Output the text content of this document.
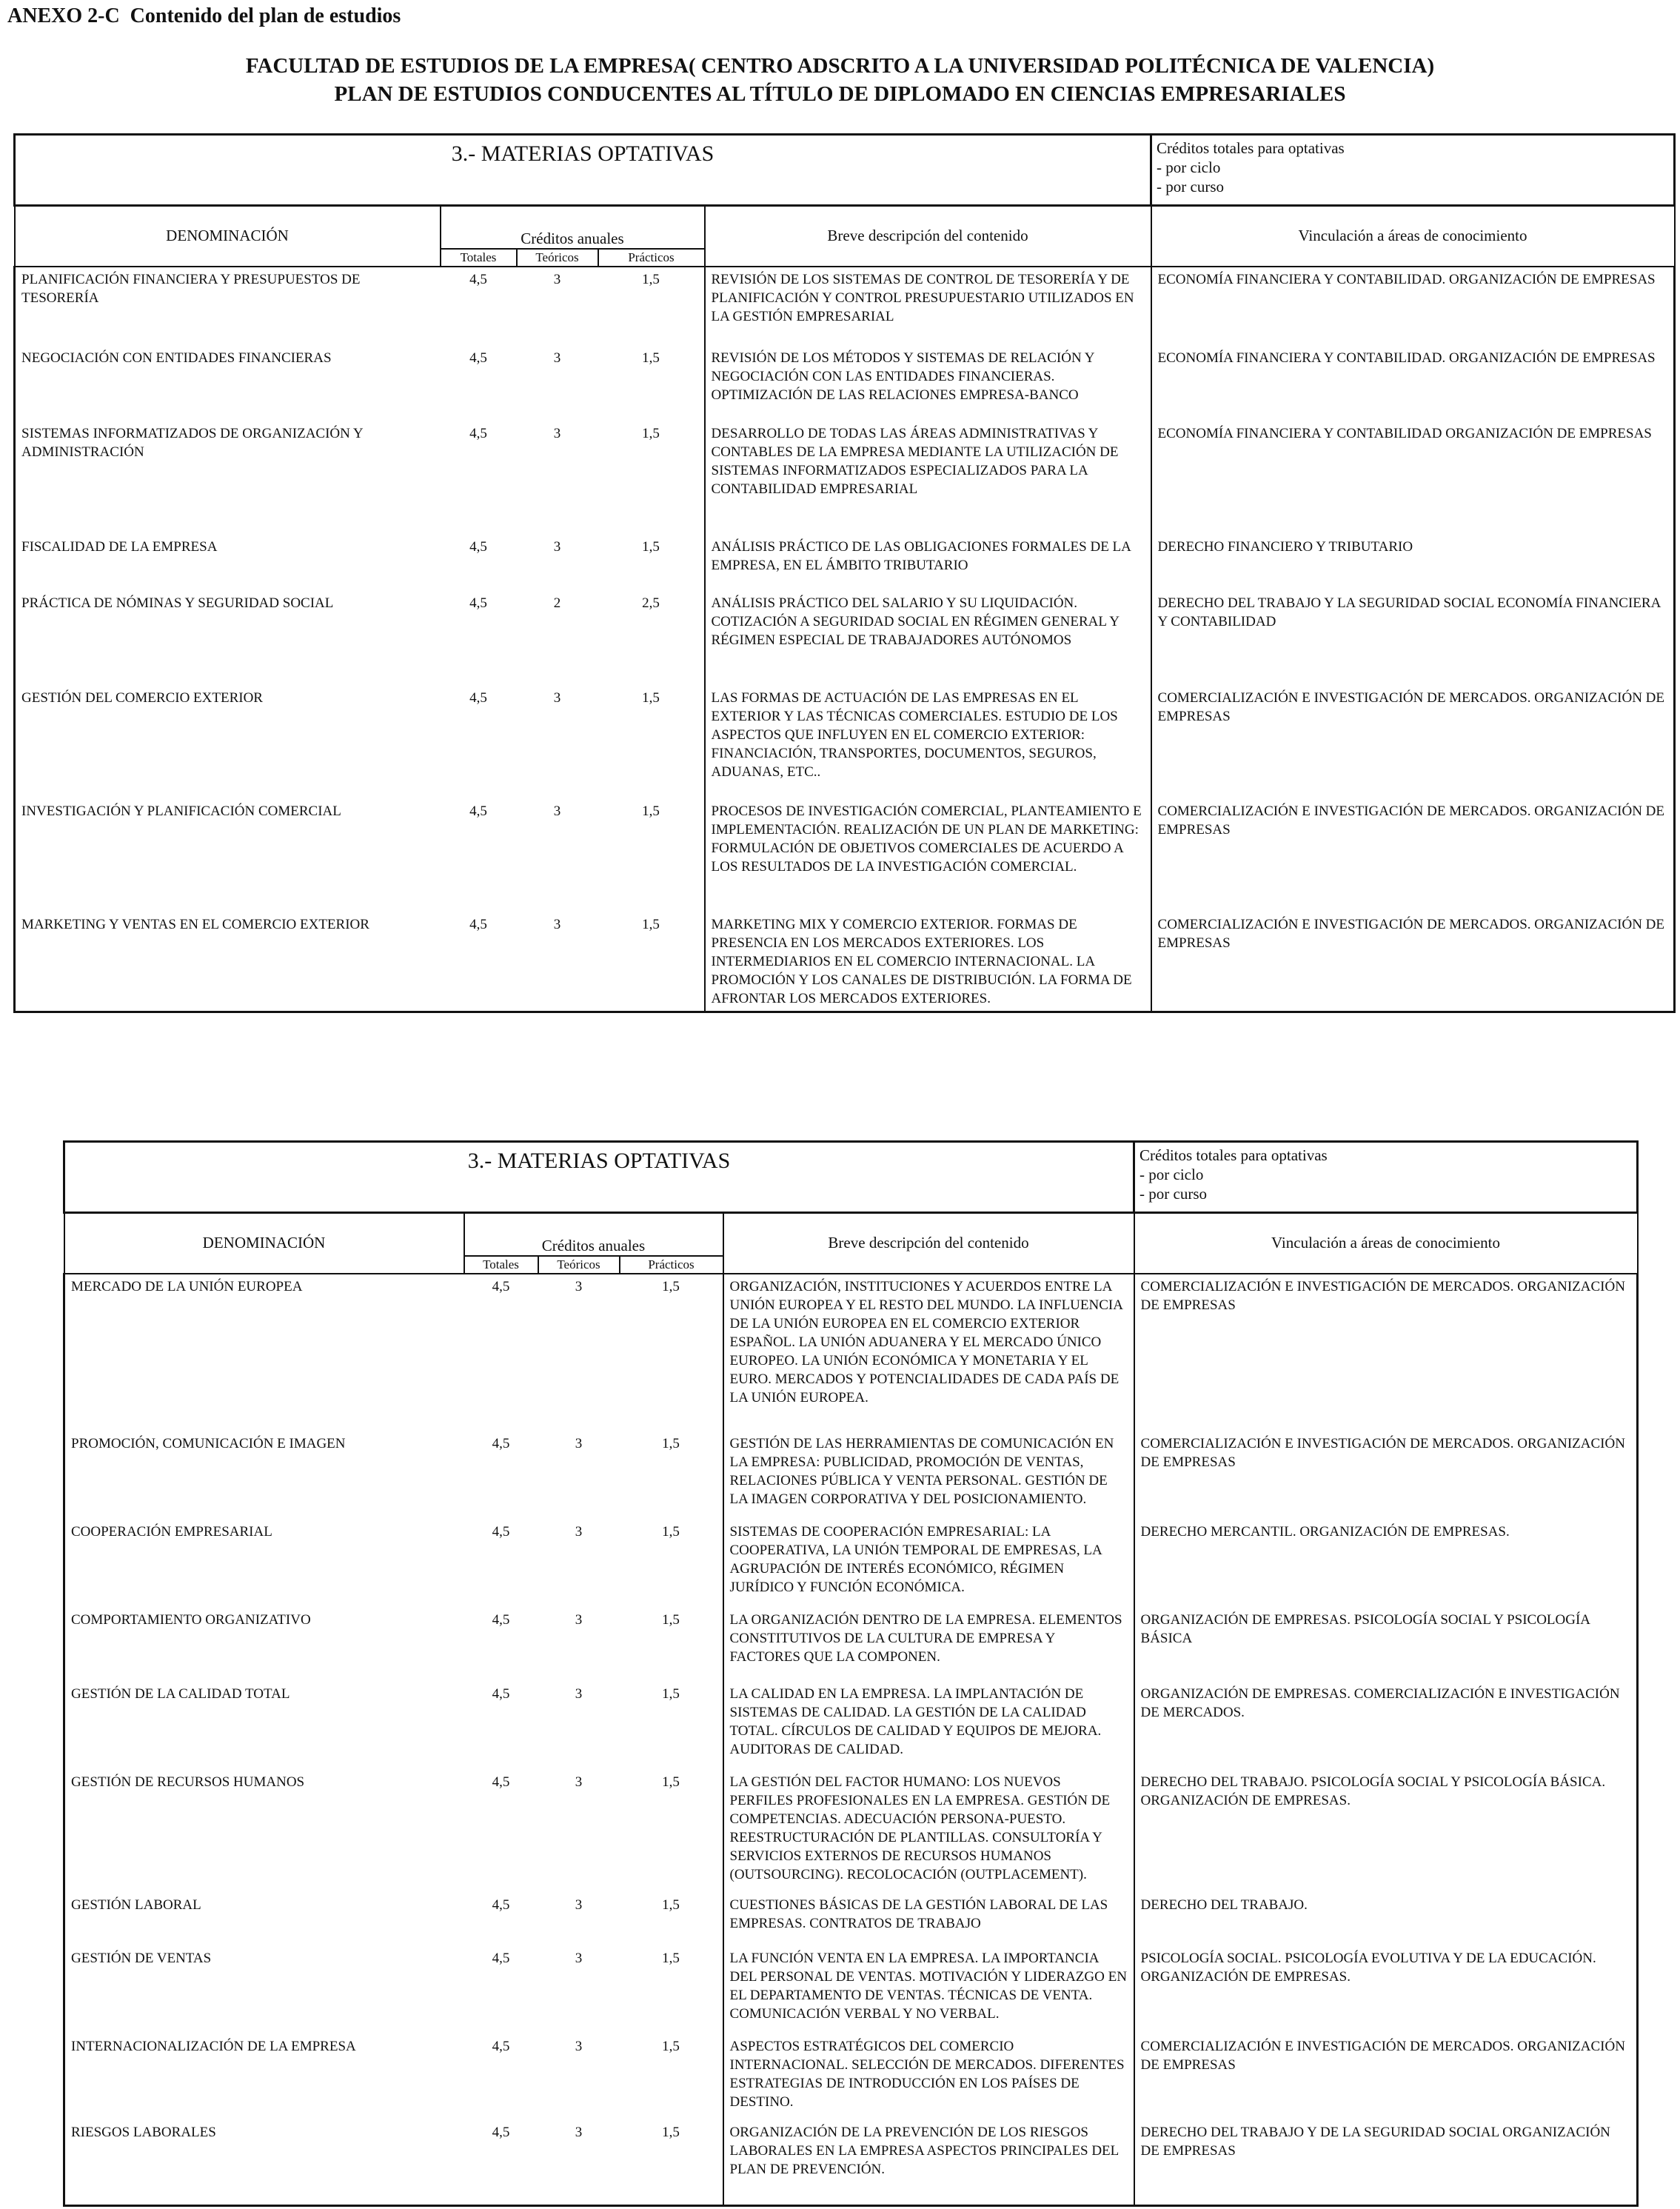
ANEXO 2-C Contenido del plan de estudios
FACULTAD DE ESTUDIOS DE LA EMPRESA( CENTRO ADSCRITO A LA UNIVERSIDAD POLITÉCNICA DE VALENCIA)
PLAN DE ESTUDIOS CONDUCENTES AL TÍTULO DE DIPLOMADO EN CIENCIAS EMPRESARIALES
3.- MATERIAS OPTATIVAS					Créditos totales para optativas
- por ciclo
- por curso

DENOMINACIÓN	Créditos anuales			Breve descripción del contenido	Vinculación a áreas de conocimiento
	Totales	Teóricos	Prácticos		
PLANIFICACIÓN FINANCIERA Y PRESUPUESTOS DE TESORERÍA	4,5	3	1,5	REVISIÓN DE LOS SISTEMAS DE CONTROL DE TESORERÍA Y DE PLANIFICACIÓN Y CONTROL PRESUPUESTARIO UTILIZADOS EN LA GESTIÓN EMPRESARIAL	ECONOMÍA FINANCIERA Y CONTABILIDAD. ORGANIZACIÓN DE EMPRESAS
NEGOCIACIÓN CON ENTIDADES FINANCIERAS	4,5	3	1,5	REVISIÓN DE LOS MÉTODOS Y SISTEMAS DE RELACIÓN Y NEGOCIACIÓN CON LAS ENTIDADES FINANCIERAS. OPTIMIZACIÓN DE LAS RELACIONES EMPRESA-BANCO	ECONOMÍA FINANCIERA Y CONTABILIDAD. ORGANIZACIÓN DE EMPRESAS
SISTEMAS INFORMATIZADOS DE ORGANIZACIÓN Y ADMINISTRACIÓN	4,5	3	1,5	DESARROLLO DE TODAS LAS ÁREAS ADMINISTRATIVAS Y CONTABLES DE LA EMPRESA MEDIANTE LA UTILIZACIÓN DE SISTEMAS INFORMATIZADOS ESPECIALIZADOS PARA LA CONTABILIDAD EMPRESARIAL	ECONOMÍA FINANCIERA Y CONTABILIDAD ORGANIZACIÓN DE EMPRESAS
FISCALIDAD DE LA EMPRESA	4,5	3	1,5	ANÁLISIS PRÁCTICO DE LAS OBLIGACIONES FORMALES DE LA EMPRESA, EN EL ÁMBITO TRIBUTARIO	DERECHO FINANCIERO Y TRIBUTARIO
PRÁCTICA DE NÓMINAS Y SEGURIDAD SOCIAL	4,5	2	2,5	ANÁLISIS PRÁCTICO DEL SALARIO Y SU LIQUIDACIÓN. COTIZACIÓN A SEGURIDAD SOCIAL EN RÉGIMEN GENERAL Y RÉGIMEN ESPECIAL DE TRABAJADORES AUTÓNOMOS	DERECHO DEL TRABAJO Y LA SEGURIDAD SOCIAL ECONOMÍA FINANCIERA Y CONTABILIDAD
GESTIÓN DEL COMERCIO EXTERIOR	4,5	3	1,5	LAS FORMAS DE ACTUACIÓN DE LAS EMPRESAS EN EL EXTERIOR Y LAS TÉCNICAS COMERCIALES. ESTUDIO DE LOS ASPECTOS QUE INFLUYEN EN EL COMERCIO EXTERIOR: FINANCIACIÓN, TRANSPORTES, DOCUMENTOS, SEGUROS, ADUANAS, ETC..	COMERCIALIZACIÓN E INVESTIGACIÓN DE MERCADOS. ORGANIZACIÓN DE EMPRESAS
INVESTIGACIÓN Y PLANIFICACIÓN COMERCIAL	4,5	3	1,5	PROCESOS DE INVESTIGACIÓN COMERCIAL, PLANTEAMIENTO E IMPLEMENTACIÓN. REALIZACIÓN DE UN PLAN DE MARKETING: FORMULACIÓN DE OBJETIVOS COMERCIALES DE ACUERDO A LOS RESULTADOS DE LA INVESTIGACIÓN COMERCIAL.	COMERCIALIZACIÓN E INVESTIGACIÓN DE MERCADOS. ORGANIZACIÓN DE EMPRESAS
MARKETING Y VENTAS EN EL COMERCIO EXTERIOR	4,5	3	1,5	MARKETING MIX Y COMERCIO EXTERIOR. FORMAS DE PRESENCIA EN LOS MERCADOS EXTERIORES. LOS INTERMEDIARIOS EN EL COMERCIO INTERNACIONAL. LA PROMOCIÓN Y LOS CANALES DE DISTRIBUCIÓN. LA FORMA DE AFRONTAR LOS MERCADOS EXTERIORES.	COMERCIALIZACIÓN E INVESTIGACIÓN DE MERCADOS. ORGANIZACIÓN DE EMPRESAS
3.- MATERIAS OPTATIVAS					Créditos totales para optativas
- por ciclo
- por curso

DENOMINACIÓN	Créditos anuales			Breve descripción del contenido	Vinculación a áreas de conocimiento
	Totales	Teóricos	Prácticos		
MERCADO DE LA UNIÓN EUROPEA	4,5	3	1,5	ORGANIZACIÓN, INSTITUCIONES Y ACUERDOS ENTRE LA UNIÓN EUROPEA Y EL RESTO DEL MUNDO. LA INFLUENCIA DE LA UNIÓN EUROPEA EN EL COMERCIO EXTERIOR ESPAÑOL. LA UNIÓN ADUANERA Y EL MERCADO ÚNICO EUROPEO. LA UNIÓN ECONÓMICA Y MONETARIA Y EL EURO. MERCADOS Y POTENCIALIDADES DE CADA PAÍS DE LA UNIÓN EUROPEA.	COMERCIALIZACIÓN E INVESTIGACIÓN DE MERCADOS. ORGANIZACIÓN DE EMPRESAS
PROMOCIÓN, COMUNICACIÓN E IMAGEN	4,5	3	1,5	GESTIÓN DE LAS HERRAMIENTAS DE COMUNICACIÓN EN LA EMPRESA: PUBLICIDAD, PROMOCIÓN DE VENTAS, RELACIONES PÚBLICA Y VENTA PERSONAL. GESTIÓN DE LA IMAGEN CORPORATIVA Y DEL POSICIONAMIENTO.	COMERCIALIZACIÓN E INVESTIGACIÓN DE MERCADOS. ORGANIZACIÓN DE EMPRESAS
COOPERACIÓN EMPRESARIAL	4,5	3	1,5	SISTEMAS DE COOPERACIÓN EMPRESARIAL: LA COOPERATIVA, LA UNIÓN TEMPORAL DE EMPRESAS, LA AGRUPACIÓN DE INTERÉS ECONÓMICO, RÉGIMEN JURÍDICO Y FUNCIÓN ECONÓMICA.	DERECHO MERCANTIL. ORGANIZACIÓN DE EMPRESAS.
COMPORTAMIENTO ORGANIZATIVO	4,5	3	1,5	LA ORGANIZACIÓN DENTRO DE LA EMPRESA. ELEMENTOS CONSTITUTIVOS DE LA CULTURA DE EMPRESA Y FACTORES QUE LA COMPONEN.	ORGANIZACIÓN DE EMPRESAS. PSICOLOGÍA SOCIAL Y PSICOLOGÍA BÁSICA
GESTIÓN DE LA CALIDAD TOTAL	4,5	3	1,5	LA CALIDAD EN LA EMPRESA. LA IMPLANTACIÓN DE SISTEMAS DE CALIDAD. LA GESTIÓN DE LA CALIDAD TOTAL. CÍRCULOS DE CALIDAD Y EQUIPOS DE MEJORA. AUDITORAS DE CALIDAD.	ORGANIZACIÓN DE EMPRESAS. COMERCIALIZACIÓN E INVESTIGACIÓN DE MERCADOS.
GESTIÓN DE RECURSOS HUMANOS	4,5	3	1,5	LA GESTIÓN DEL FACTOR HUMANO: LOS NUEVOS PERFILES PROFESIONALES EN LA EMPRESA. GESTIÓN DE COMPETENCIAS. ADECUACIÓN PERSONA-PUESTO. REESTRUCTURACIÓN DE PLANTILLAS. CONSULTORÍA Y SERVICIOS EXTERNOS DE RECURSOS HUMANOS (OUTSOURCING). RECOLOCACIÓN (OUTPLACEMENT).	DERECHO DEL TRABAJO. PSICOLOGÍA SOCIAL Y PSICOLOGÍA BÁSICA. ORGANIZACIÓN DE EMPRESAS.
GESTIÓN LABORAL	4,5	3	1,5	CUESTIONES BÁSICAS DE LA GESTIÓN LABORAL DE LAS EMPRESAS. CONTRATOS DE TRABAJO	DERECHO DEL TRABAJO.
GESTIÓN DE VENTAS	4,5	3	1,5	LA FUNCIÓN VENTA EN LA EMPRESA. LA IMPORTANCIA DEL PERSONAL DE VENTAS. MOTIVACIÓN Y LIDERAZGO EN EL DEPARTAMENTO DE VENTAS. TÉCNICAS DE VENTA. COMUNICACIÓN VERBAL Y NO VERBAL.	PSICOLOGÍA SOCIAL. PSICOLOGÍA EVOLUTIVA Y DE LA EDUCACIÓN. ORGANIZACIÓN DE EMPRESAS.
INTERNACIONALIZACIÓN DE LA EMPRESA	4,5	3	1,5	ASPECTOS ESTRATÉGICOS DEL COMERCIO INTERNACIONAL. SELECCIÓN DE MERCADOS. DIFERENTES ESTRATEGIAS DE INTRODUCCIÓN EN LOS PAÍSES DE DESTINO.	COMERCIALIZACIÓN E INVESTIGACIÓN DE MERCADOS. ORGANIZACIÓN DE EMPRESAS
RIESGOS LABORALES	4,5	3	1,5	ORGANIZACIÓN DE LA PREVENCIÓN DE LOS RIESGOS LABORALES EN LA EMPRESA ASPECTOS PRINCIPALES DEL PLAN DE PREVENCIÓN.	DERECHO DEL TRABAJO Y DE LA SEGURIDAD SOCIAL ORGANIZACIÓN DE EMPRESAS
